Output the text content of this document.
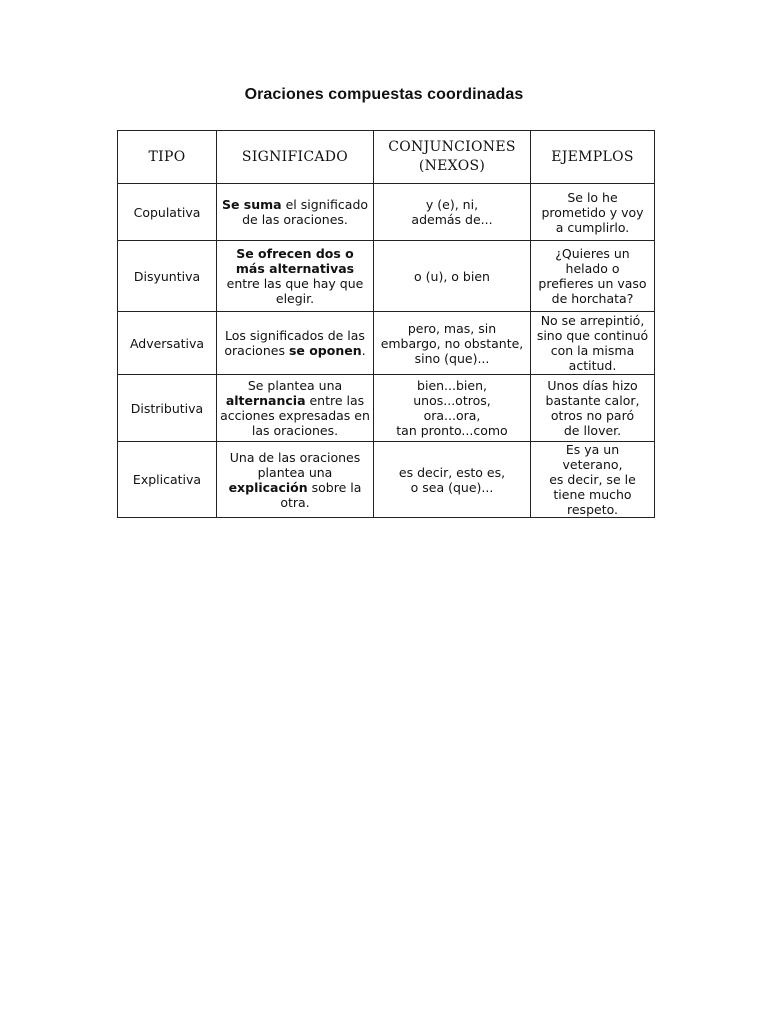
Oraciones compuestas coordinadas
TIPO	SIGNIFICADO	CONJUNCIONES
(NEXOS)	EJEMPLOS
Copulativa	Se suma el significado de las oraciones.	y (e), ni,
además de...	Se lo he
prometido y voy
a cumplirlo.
Disyuntiva	Se ofrecen dos o más alternativas entre las que hay que elegir.	o (u), o bien	¿Quieres un
helado o
prefieres un vaso
de horchata?
Adversativa	Los significados de las oraciones se oponen.	pero, mas, sin
embargo, no obstante,
sino (que)...	No se arrepintió,
sino que continuó
con la misma
actitud.
Distributiva	Se plantea una alternancia entre las acciones expresadas en las oraciones.	bien...bien,
unos...otros,
ora...ora,
tan pronto...como	Unos días hizo
bastante calor,
otros no paró
de llover.
Explicativa	Una de las oraciones plantea una explicación sobre la otra.	es decir, esto es,
o sea (que)...	Es ya un veterano,
es decir, se le
tiene mucho
respeto.
